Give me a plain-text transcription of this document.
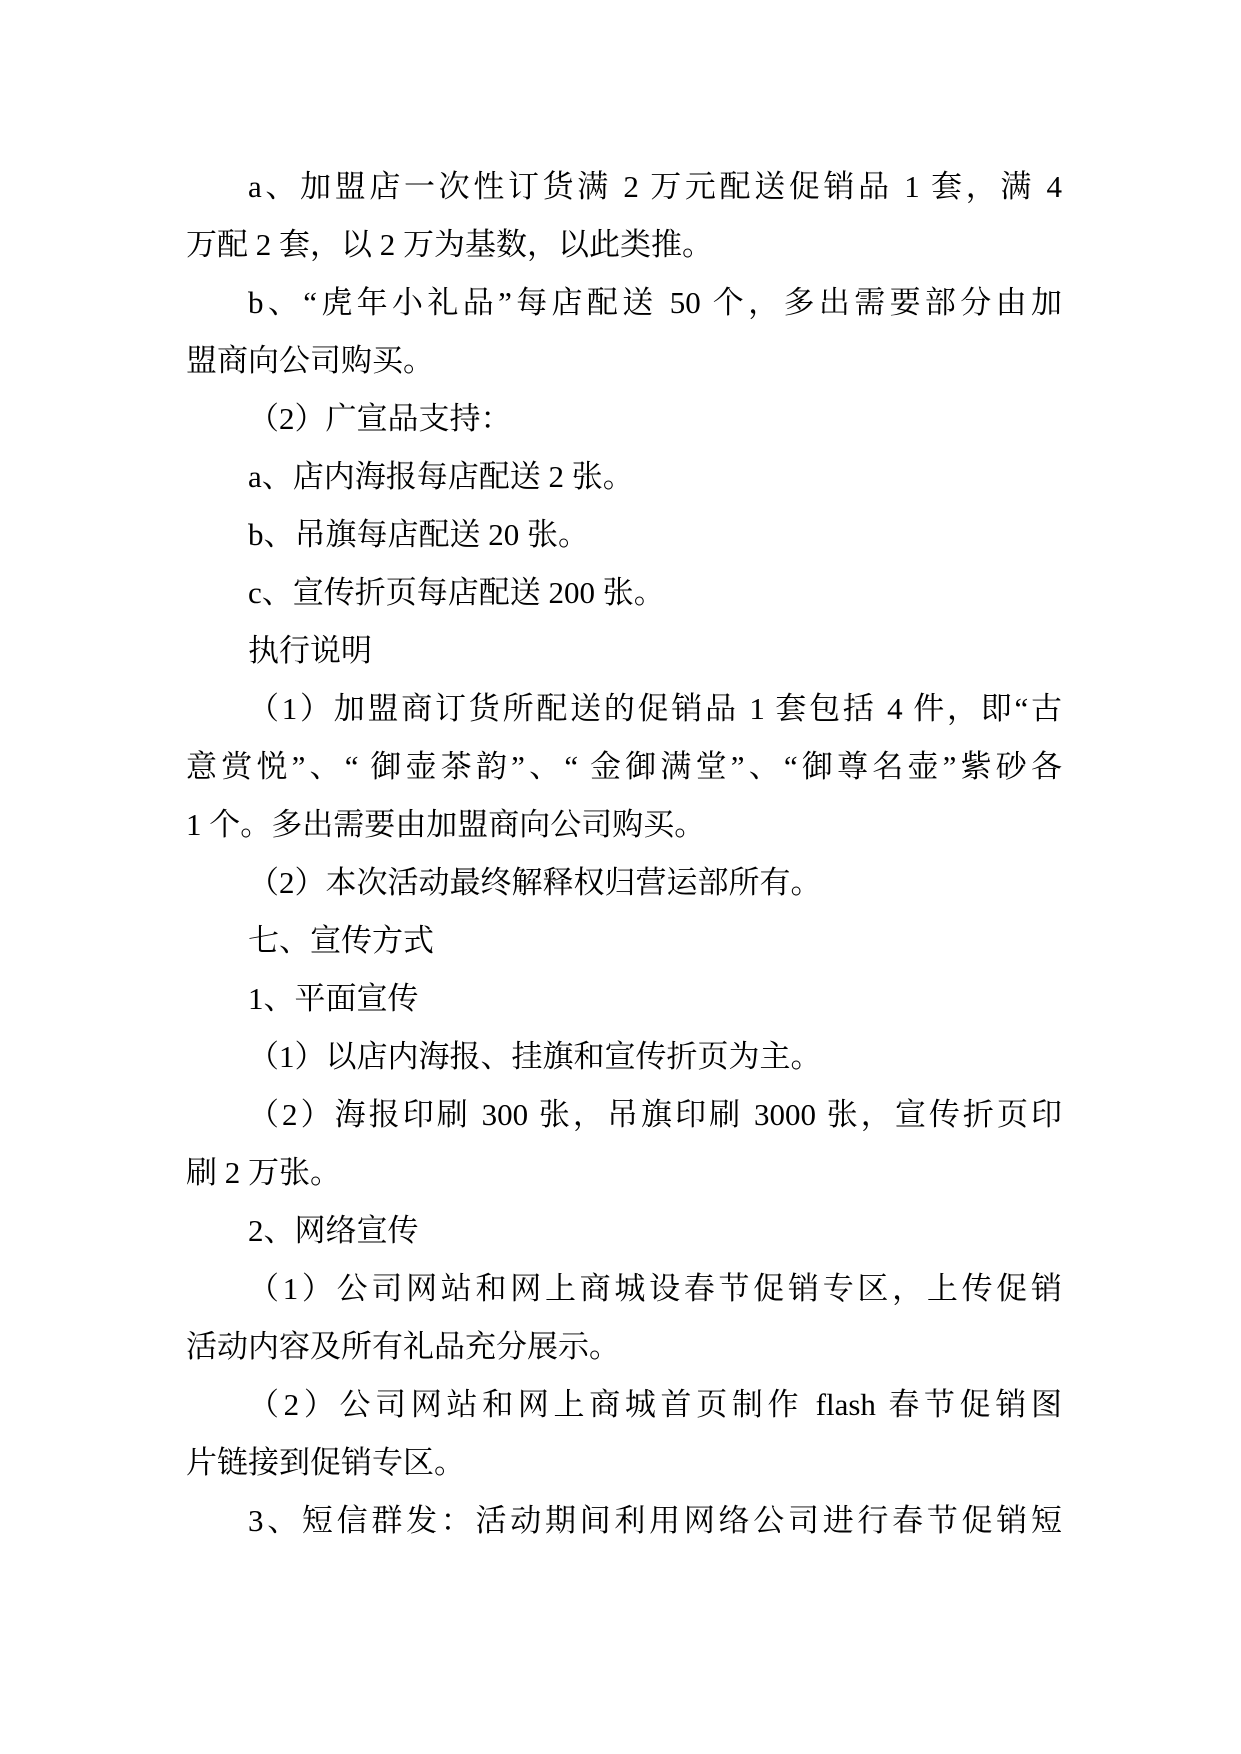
a、加盟店一次性订货满 2 万元配送促销品 1 套，满 4
万配 2 套，以 2 万为基数，以此类推。
b、“虎年小礼品”每店配送 50 个，多出需要部分由加
盟商向公司购买。
（2）广宣品支持：
a、店内海报每店配送 2 张。
b、吊旗每店配送 20 张。
c、宣传折页每店配送 200 张。
执行说明
（1）加盟商订货所配送的促销品 1 套包括 4 件，即“古
意赏悦”、“ 御壶茶韵”、“ 金御满堂”、“御尊名壶”紫砂各
1 个。多出需要由加盟商向公司购买。
（2）本次活动最终解释权归营运部所有。
七、宣传方式
1、平面宣传
（1）以店内海报、挂旗和宣传折页为主。
（2）海报印刷 300 张，吊旗印刷 3000 张，宣传折页印
刷 2 万张。
2、网络宣传
（1）公司网站和网上商城设春节促销专区，上传促销
活动内容及所有礼品充分展示。
（2）公司网站和网上商城首页制作 flash 春节促销图
片链接到促销专区。
3、短信群发：活动期间利用网络公司进行春节促销短
